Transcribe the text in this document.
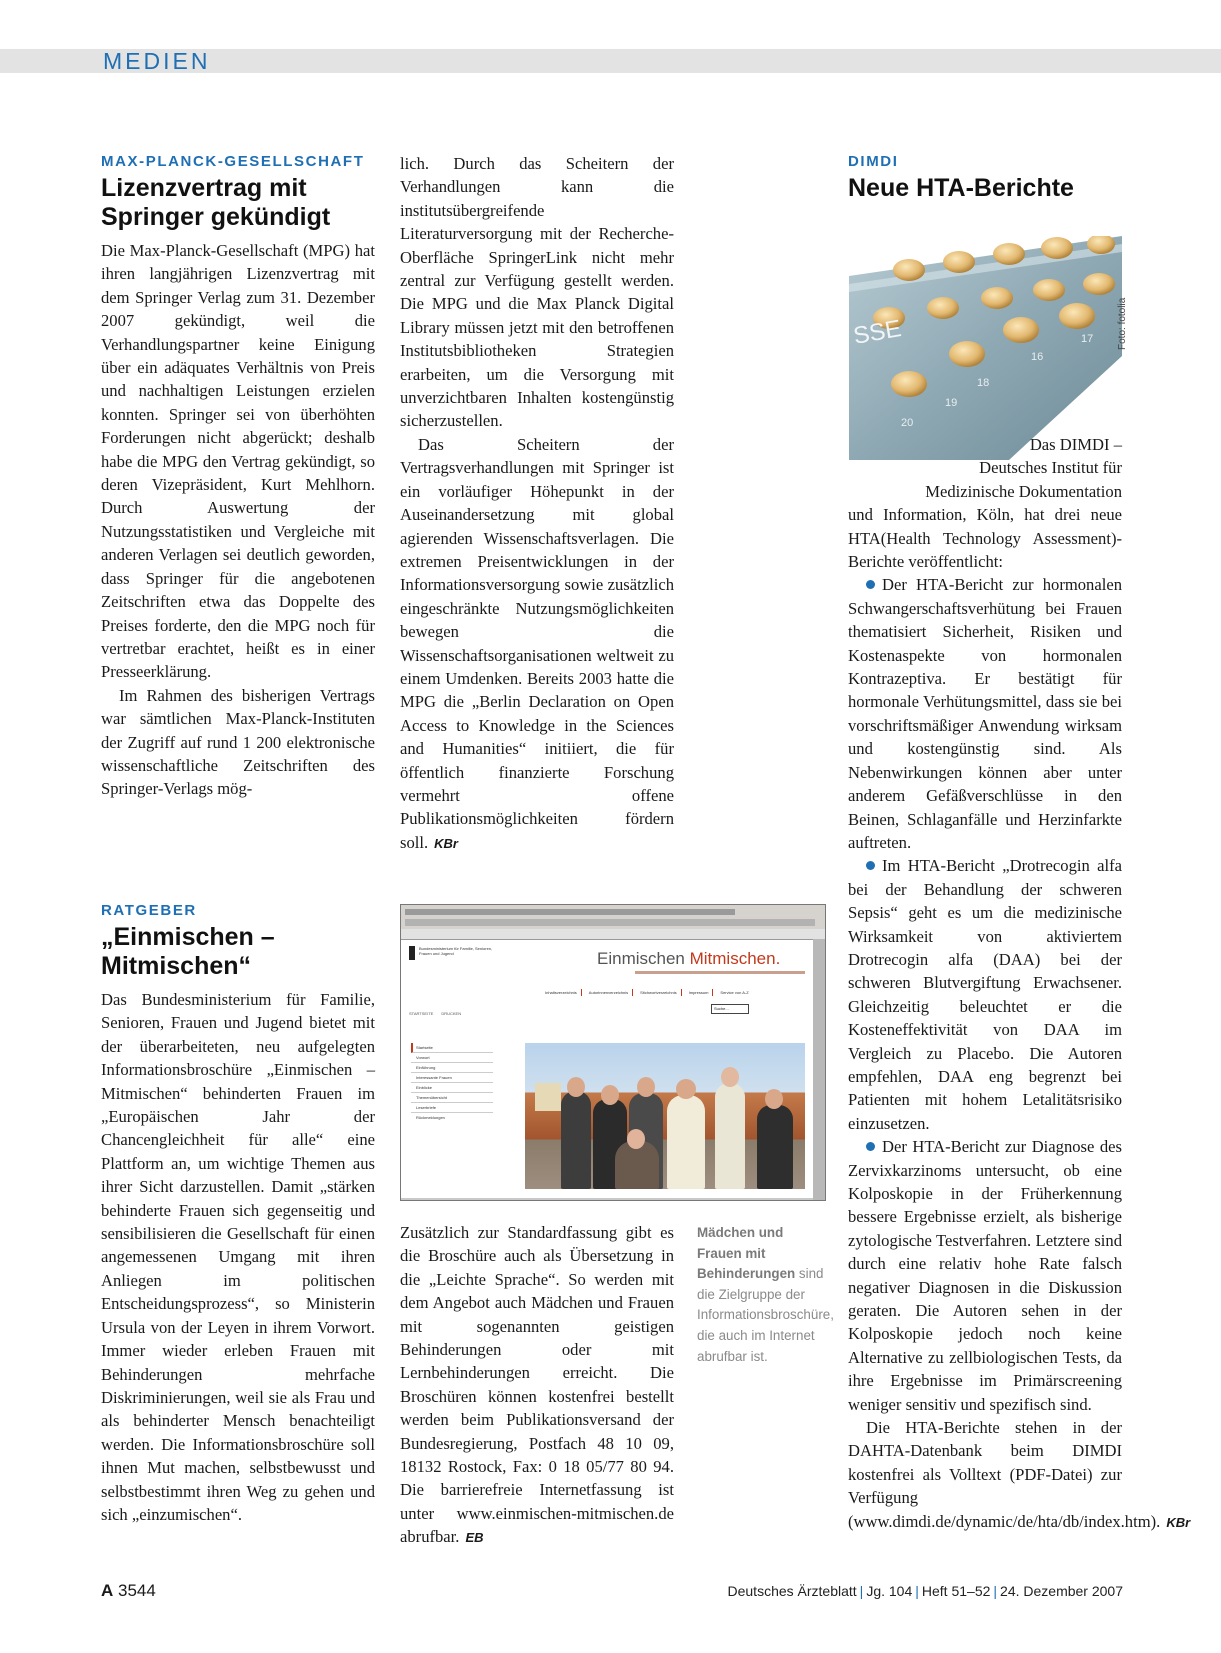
MEDIEN
MAX-PLANCK-GESELLSCHAFT
Lizenzvertrag mit Springer gekündigt

Die Max-Planck-Gesellschaft (MPG) hat ihren langjährigen Lizenzvertrag mit dem Springer Verlag zum 31. Dezember 2007 gekündigt, weil die Verhandlungspartner keine Einigung über ein adäquates Verhältnis von Preis und nachhaltigen Leistungen erzielen konnten. Springer sei von überhöhten Forderungen nicht abgerückt; deshalb habe die MPG den Vertrag gekündigt, so deren Vizepräsident, Kurt Mehlhorn. Durch Auswertung der Nutzungsstatistiken und Vergleiche mit anderen Verlagen sei deutlich geworden, dass Springer für die angebotenen Zeitschriften etwa das Doppelte des Preises forderte, den die MPG noch für vertretbar erachtet, heißt es in einer Presseerklärung.

Im Rahmen des bisherigen Vertrags war sämtlichen Max-Planck-Instituten der Zugriff auf rund 1 200 elektronische wissenschaftliche Zeitschriften des Springer-Verlags mög-

lich. Durch das Scheitern der Verhandlungen kann die institutsübergreifende Literaturversorgung mit der Recherche-Oberfläche SpringerLink nicht mehr zentral zur Verfügung gestellt werden. Die MPG und die Max Planck Digital Library müssen jetzt mit den betroffenen Institutsbibliotheken Strategien erarbeiten, um die Versorgung mit unverzichtbaren Inhalten kostengünstig sicherzustellen.

Das Scheitern der Vertragsverhandlungen mit Springer ist ein vorläufiger Höhepunkt in der Auseinandersetzung mit global agierenden Wissenschaftsverlagen. Die extremen Preisentwicklungen in der Informationsversorgung sowie zusätzlich eingeschränkte Nutzungsmöglichkeiten bewegen die Wissenschaftsorganisationen weltweit zu einem Umdenken. Bereits 2003 hatte die MPG die „Berlin Declaration on Open Access to Knowledge in the Sciences and Humanities“ initiiert, die für öffentlich finanzierte Forschung vermehrt offene Publikationsmöglichkeiten fördern soll. KBr

RATGEBER
„Einmischen – Mitmischen“

Das Bundesministerium für Familie, Senioren, Frauen und Jugend bietet mit der überarbeiteten, neu aufgelegten Informationsbroschüre „Einmischen – Mitmischen“ behinderten Frauen im „Europäischen Jahr der Chancengleichheit für alle“ eine Plattform an, um wichtige Themen aus ihrer Sicht darzustellen. Damit „stärken behinderte Frauen sich gegenseitig und sensibilisieren die Gesellschaft für einen angemessenen Umgang mit ihren Anliegen im politischen Entscheidungsprozess“, so Ministerin Ursula von der Leyen in ihrem Vorwort. Immer wieder erleben Frauen mit Behinderungen mehrfache Diskriminierungen, weil sie als Frau und als behinderter Mensch benachteiligt werden. Die Informationsbroschüre soll ihnen Mut machen, selbstbewusst und selbstbestimmt ihren Weg zu gehen und sich „einzumischen“.

Bundesministerium für Familie, Senioren, Frauen und Jugend	Einmischen Mitmischen.
Inhaltsverzeichnis	Autorinnenverzeichnis	Stichwortverzeichnis	Impressum	Service von A-Z
Suche...
STARTSEITE DRUCKEN
Startseite
Vorwort
Einführung
Interessante Frauen
Einblicke
Themenübersicht
Leserbriefe
Rückmeldungen

Zusätzlich zur Standardfassung gibt es die Broschüre auch als Übersetzung in die „Leichte Sprache“. So werden mit dem Angebot auch Mädchen und Frauen mit sogenannten geistigen Behinderungen oder mit Lernbehinderungen erreicht. Die Broschüren können kostenfrei bestellt werden beim Publikationsversand der Bundesregierung, Postfach 48 10 09, 18132 Rostock, Fax: 0 18 05/77 80 94. Die barrierefreie Internetfassung ist unter www.einmischen-mitmischen.de abrufbar. EB

Mädchen und Frauen mit Behinderungen sind die Zielgruppe der Informationsbroschüre, die auch im Internet abrufbar ist.
DIMDI
Neue HTA-Berichte
SSE
16
17
18
19
20
Foto: fotolia
Das DIMDI –
Deutsches Institut für
Medizinische Dokumentation

und Information, Köln, hat drei neue HTA(Health Technology Assessment)-Berichte veröffentlicht:

Der HTA-Bericht zur hormonalen Schwangerschaftsverhütung bei Frauen thematisiert Sicherheit, Risiken und Kostenaspekte von hormonalen Kontrazeptiva. Er bestätigt für hormonale Verhütungsmittel, dass sie bei vorschriftsmäßiger Anwendung wirksam und kostengünstig sind. Als Nebenwirkungen können aber unter anderem Gefäßverschlüsse in den Beinen, Schlaganfälle und Herzinfarkte auftreten.

Im HTA-Bericht „Drotrecogin alfa bei der Behandlung der schweren Sepsis“ geht es um die medizinische Wirksamkeit von aktiviertem Drotrecogin alfa (DAA) bei der schweren Blutvergiftung Erwachsener. Gleichzeitig beleuchtet er die Kosteneffektivität von DAA im Vergleich zu Placebo. Die Autoren empfehlen, DAA eng begrenzt bei Patienten mit hohem Letalitätsrisiko einzusetzen.

Der HTA-Bericht zur Diagnose des Zervixkarzinoms untersucht, ob eine Kolposkopie in der Früherkennung bessere Ergebnisse erzielt, als bisherige zytologische Testverfahren. Letztere sind durch eine relativ hohe Rate falsch negativer Diagnosen in die Diskussion geraten. Die Autoren sehen in der Kolposkopie jedoch noch keine Alternative zu zellbiologischen Tests, da ihre Ergebnisse im Primärscreening weniger sensitiv und spezifisch sind.

Die HTA-Berichte stehen in der DAHTA-Datenbank beim DIMDI kostenfrei als Volltext (PDF-Datei) zur Verfügung (www.dimdi.de/dynamic/de/hta/db/index.htm). KBr

A 3544	Deutsches Ärzteblatt | Jg. 104 | Heft 51–52 | 24. Dezember 2007
